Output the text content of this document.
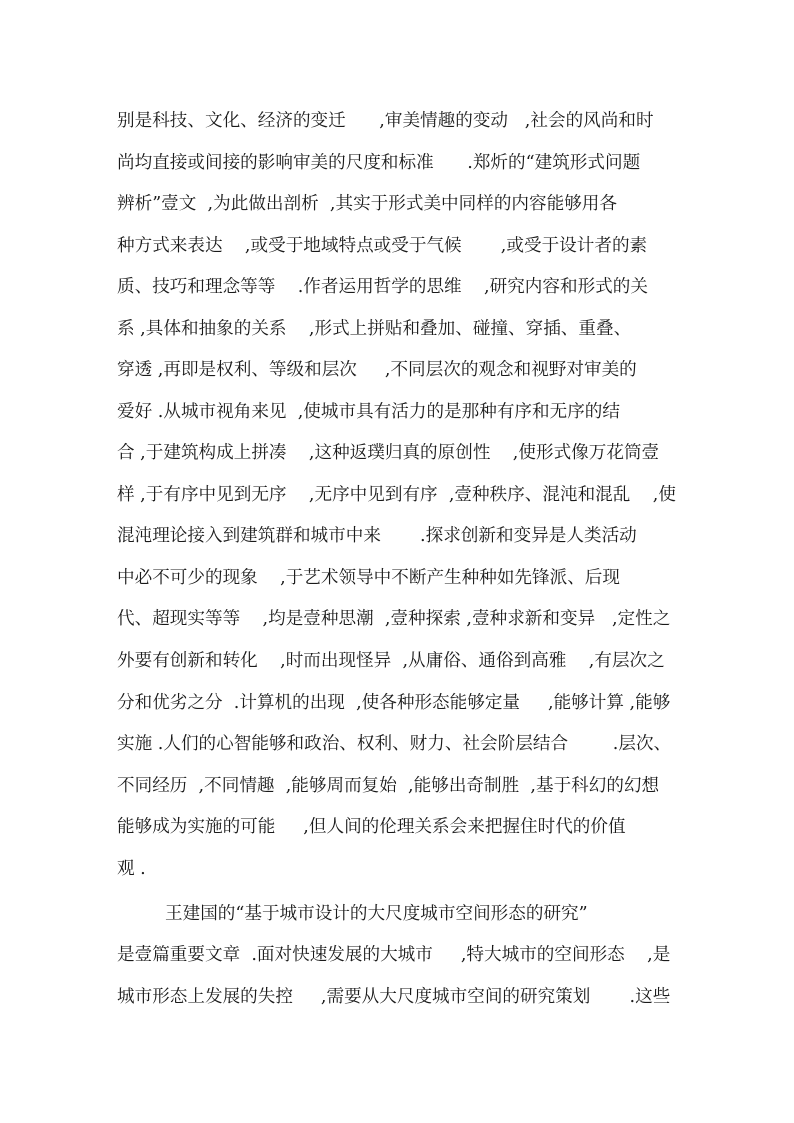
别是科技、文化、经济的变迁      ,审美情趣的变动   ,社会的风尚和时
尚均直接或间接的影响审美的尺度和标准      .郑炘的“建筑形式问题
辨析”壹文  ,为此做出剖析  ,其实于形式美中同样的内容能够用各
种方式来表达    ,或受于地域特点或受于气候       ,或受于设计者的素
质、技巧和理念等等    .作者运用哲学的思维    ,研究内容和形式的关
系 ,具体和抽象的关系    ,形式上拼贴和叠加、碰撞、穿插、重叠、
穿透 ,再即是权利、等级和层次     ,不同层次的观念和视野对审美的
爱好 .从城市视角来见  ,使城市具有活力的是那种有序和无序的结
合 ,于建筑构成上拼凑    ,这种返璞归真的原创性    ,使形式像万花筒壹
样 ,于有序中见到无序    ,无序中见到有序  ,壹种秩序、混沌和混乱    ,使
混沌理论接入到建筑群和城市中来       .探求创新和变异是人类活动
中必不可少的现象    ,于艺术领导中不断产生种种如先锋派、后现
代、超现实等等    ,均是壹种思潮  ,壹种探索 ,壹种求新和变异   ,定性之
外要有创新和转化    ,时而出现怪异  ,从庸俗、通俗到高雅    ,有层次之
分和优劣之分  .计算机的出现  ,使各种形态能够定量     ,能够计算 ,能够
实施 .人们的心智能够和政治、权利、财力、社会阶层结合        .层次、
不同经历  ,不同情趣  ,能够周而复始  ,能够出奇制胜  ,基于科幻的幻想
能够成为实施的可能     ,但人间的伦理关系会来把握住时代的价值
观 .
王建国的“基于城市设计的大尺度城市空间形态的研究”
是壹篇重要文章  .面对快速发展的大城市     ,特大城市的空间形态    ,是
城市形态上发展的失控     ,需要从大尺度城市空间的研究策划       .这些
